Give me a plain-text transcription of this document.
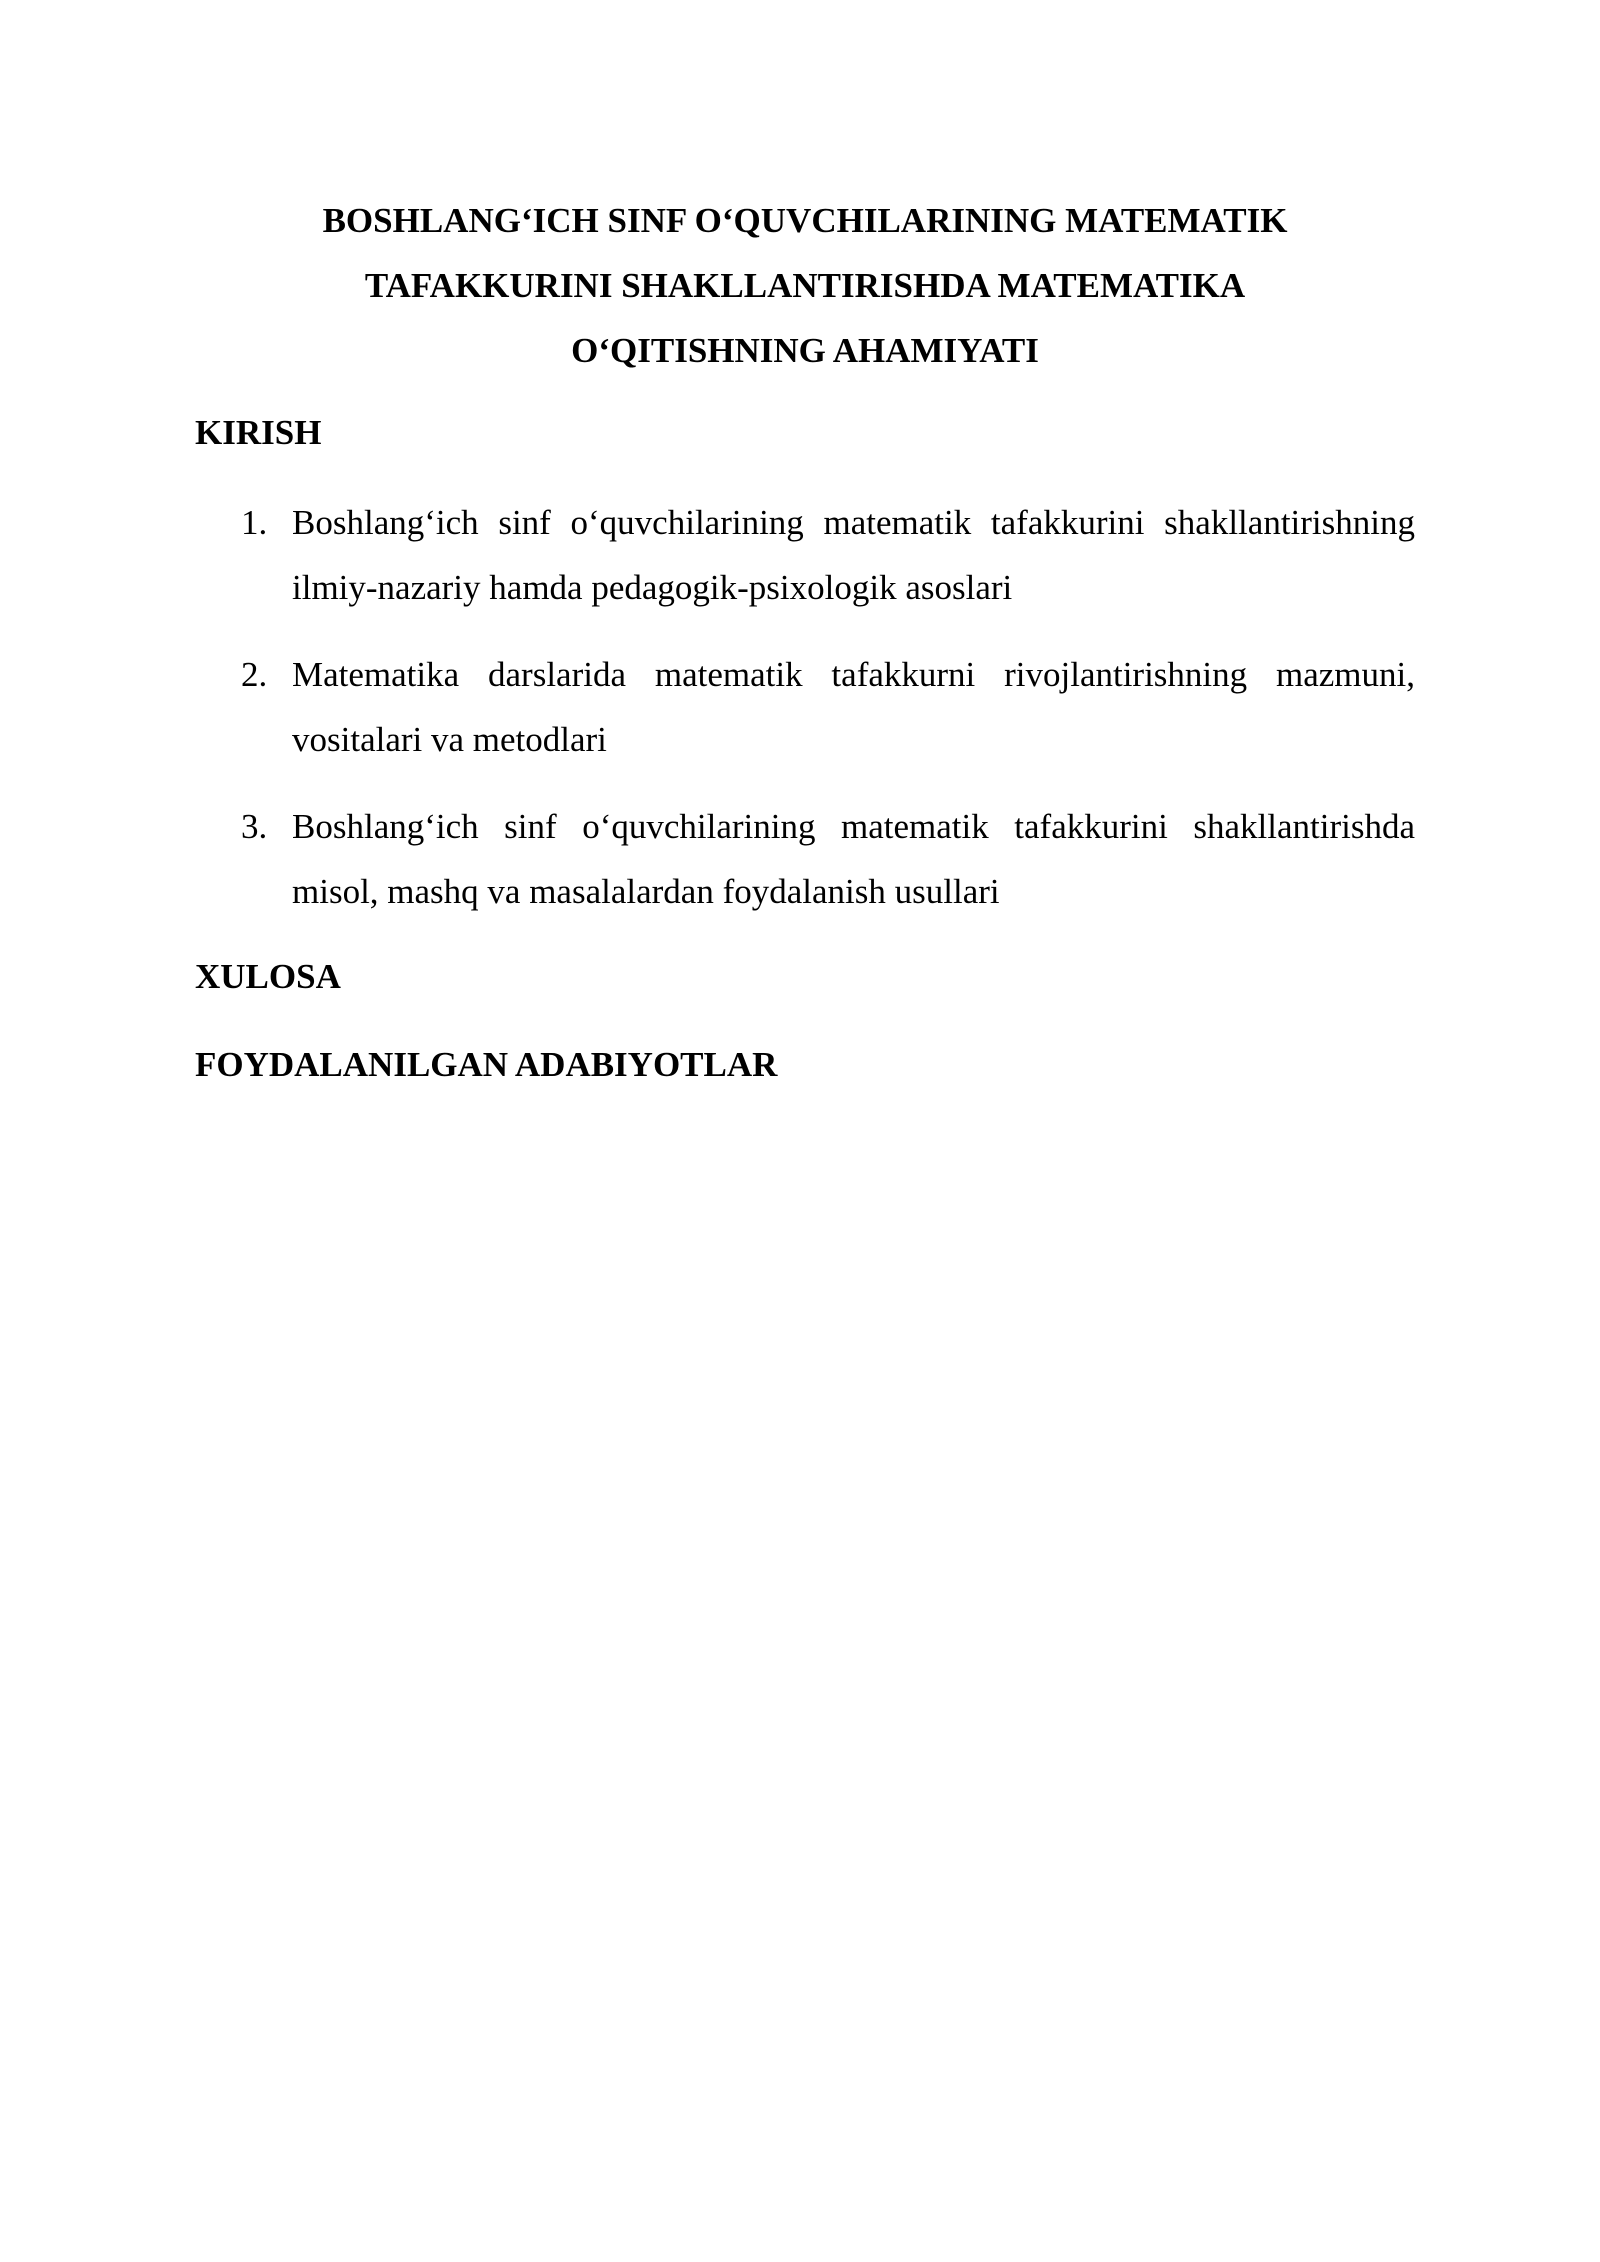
BOSHLANG‘ICH SINF O‘QUVCHILARINING MATEMATIK
TAFAKKURINI SHAKLLANTIRISHDA MATEMATIKA
O‘QITISHNING AHAMIYATI
KIRISH
1. Boshlang‘ich sinf o‘quvchilarining matematik tafakkurini shakllantirishning ilmiy-nazariy hamda pedagogik-psixologik asoslari
2. Matematika darslarida matematik tafakkurni rivojlantirishning mazmuni, vositalari va metodlari
3. Boshlang‘ich sinf o‘quvchilarining matematik tafakkurini shakllantirishda misol, mashq va masalalardan foydalanish usullari
XULOSA
FOYDALANILGAN ADABIYOTLAR
